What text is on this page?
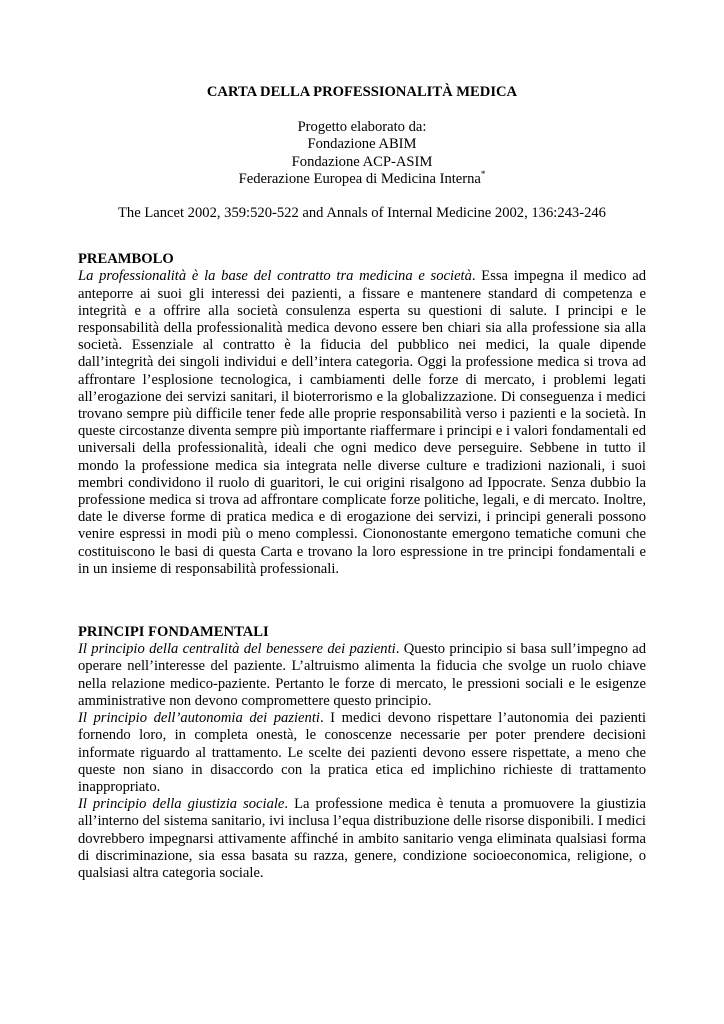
CARTA DELLA PROFESSIONALITÀ MEDICA
Progetto elaborato da:
Fondazione ABIM
Fondazione ACP-ASIM
Federazione Europea di Medicina Interna*
The Lancet 2002, 359:520-522 and Annals of Internal Medicine 2002, 136:243-246
PREAMBOLO

La professionalità è la base del contratto tra medicina e società. Essa impegna il medico ad anteporre ai suoi gli interessi dei pazienti, a fissare e mantenere standard di competenza e integrità e a offrire alla società consulenza esperta su questioni di salute. I principi e le responsabilità della professionalità medica devono essere ben chiari sia alla professione sia alla società. Essenziale al contratto è la fiducia del pubblico nei medici, la quale dipende dall’integrità dei singoli individui e dell’intera categoria. Oggi la professione medica si trova ad affrontare l’esplosione tecnologica, i cambiamenti delle forze di mercato, i problemi legati all’erogazione dei servizi sanitari, il bioterrorismo e la globalizzazione. Di conseguenza i medici trovano sempre più difficile tener fede alle proprie responsabilità verso i pazienti e la società. In queste circostanze diventa sempre più importante riaffermare i principi e i valori fondamentali ed universali della professionalità, ideali che ogni medico deve perseguire. Sebbene in tutto il mondo la professione medica sia integrata nelle diverse culture e tradizioni nazionali, i suoi membri condividono il ruolo di guaritori, le cui origini risalgono ad Ippocrate. Senza dubbio la professione medica si trova ad affrontare complicate forze politiche, legali, e di mercato. Inoltre, date le diverse forme di pratica medica e di erogazione dei servizi, i principi generali possono venire espressi in modi più o meno complessi. Ciononostante emergono tematiche comuni che costituiscono le basi di questa Carta e trovano la loro espressione in tre principi fondamentali e in un insieme di responsabilità professionali.

PRINCIPI FONDAMENTALI

Il principio della centralità del benessere dei pazienti. Questo principio si basa sull’impegno ad operare nell’interesse del paziente. L’altruismo alimenta la fiducia che svolge un ruolo chiave nella relazione medico-paziente. Pertanto le forze di mercato, le pressioni sociali e le esigenze amministrative non devono compromettere questo principio.

Il principio dell’autonomia dei pazienti. I medici devono rispettare l’autonomia dei pazienti fornendo loro, in completa onestà, le conoscenze necessarie per poter prendere decisioni informate riguardo al trattamento. Le scelte dei pazienti devono essere rispettate, a meno che queste non siano in disaccordo con la pratica etica ed implichino richieste di trattamento inappropriato.

Il principio della giustizia sociale. La professione medica è tenuta a promuovere la giustizia all’interno del sistema sanitario, ivi inclusa l’equa distribuzione delle risorse disponibili. I medici dovrebbero impegnarsi attivamente affinché in ambito sanitario venga eliminata qualsiasi forma di discriminazione, sia essa basata su razza, genere, condizione socioeconomica, religione, o qualsiasi altra categoria sociale.
